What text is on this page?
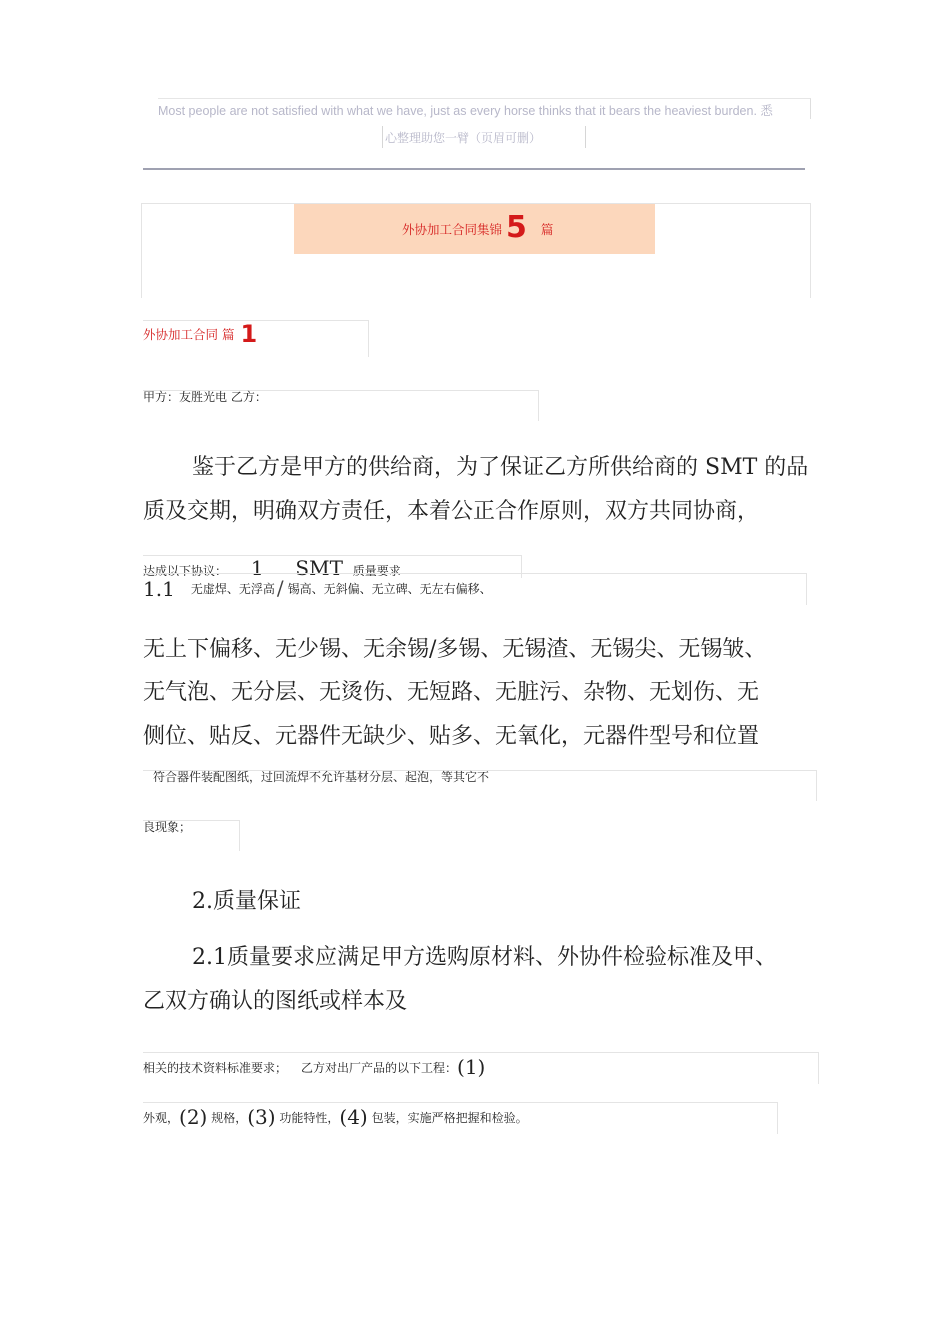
Most people are not satisfied with what we have, just as every horse thinks that it bears the heaviest burden. 悉
心整理助您一臂（页眉可删）
外协加工合同集锦 5 篇
外协加工合同 篇 1
甲方：友胜光电 乙方：
鉴于乙方是甲方的供给商，为了保证乙方所供给商的 SMT 的品
质及交期，明确双方责任，本着公正合作原则，双方共同协商，
达成以下协议： 1 SMT 质量要求
1.1 无虚焊、无浮高 / 锡高、无斜偏、无立碑、无左右偏移、
无上下偏移、无少锡、无余锡/多锡、无锡渣、无锡尖、无锡皱、
无气泡、无分层、无烫伤、无短路、无脏污、杂物、无划伤、无
侧位、贴反、元器件无缺少、贴多、无氧化，元器件型号和位置
符合器件装配图纸，过回流焊不允许基材分层、起泡，等其它不
良现象；
2.质量保证
2.1质量要求应满足甲方选购原材料、外协件检验标准及甲、
乙双方确认的图纸或样本及
相关的技术资料标准要求； 乙方对出厂产品的以下工程：(1)
外观，(2) 规格，(3) 功能特性，(4) 包装，实施严格把握和检验。
